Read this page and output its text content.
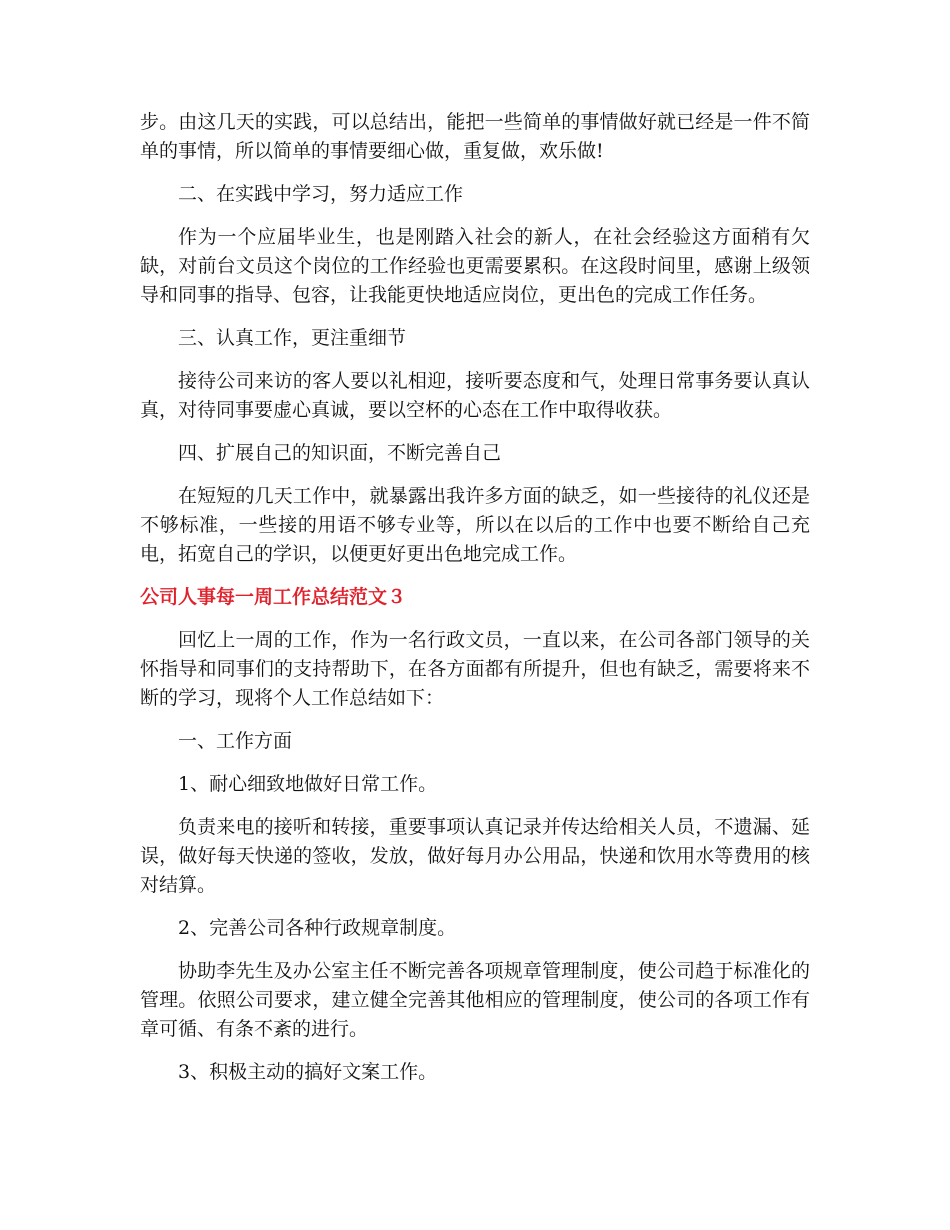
步。由这几天的实践，可以总结出，能把一些简单的事情做好就已经是一件不简单的事情，所以简单的事情要细心做，重复做，欢乐做!

二、在实践中学习，努力适应工作

作为一个应届毕业生，也是刚踏入社会的新人，在社会经验这方面稍有欠缺，对前台文员这个岗位的工作经验也更需要累积。在这段时间里，感谢上级领导和同事的指导、包容，让我能更快地适应岗位，更出色的完成工作任务。

三、认真工作，更注重细节

接待公司来访的客人要以礼相迎，接听要态度和气，处理日常事务要认真认真，对待同事要虚心真诚，要以空杯的心态在工作中取得收获。

四、扩展自己的知识面，不断完善自己

在短短的几天工作中，就暴露出我许多方面的缺乏，如一些接待的礼仪还是不够标准，一些接的用语不够专业等，所以在以后的工作中也要不断给自己充电，拓宽自己的学识，以便更好更出色地完成工作。

公司人事每一周工作总结范文３

回忆上一周的工作，作为一名行政文员，一直以来，在公司各部门领导的关怀指导和同事们的支持帮助下，在各方面都有所提升，但也有缺乏，需要将来不断的学习，现将个人工作总结如下：

一、工作方面

1、耐心细致地做好日常工作。

负责来电的接听和转接，重要事项认真记录并传达给相关人员，不遗漏、延误，做好每天快递的签收，发放，做好每月办公用品，快递和饮用水等费用的核对结算。

2、完善公司各种行政规章制度。

协助李先生及办公室主任不断完善各项规章管理制度，使公司趋于标准化的管理。依照公司要求，建立健全完善其他相应的管理制度，使公司的各项工作有章可循、有条不紊的进行。

3、积极主动的搞好文案工作。
